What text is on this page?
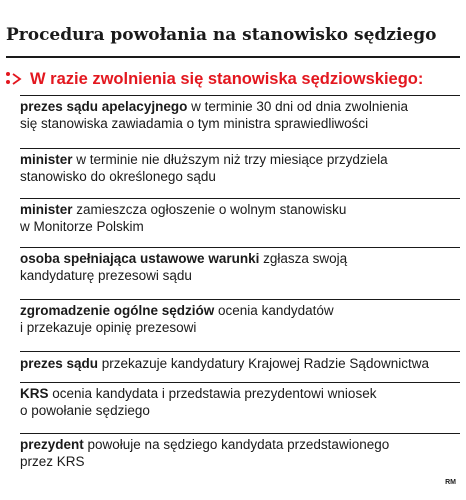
Procedura powołania na stanowisko sędziego
W razie zwolnienia się stanowiska sędziowskiego:
prezes sądu apelacyjnego w terminie 30 dni od dnia zwolnienia
się stanowiska zawiadamia o tym ministra sprawiedliwości
minister w terminie nie dłuższym niż trzy miesiące przydziela
stanowisko do określonego sądu
minister zamieszcza ogłoszenie o wolnym stanowisku
w Monitorze Polskim
osoba spełniająca ustawowe warunki zgłasza swoją
kandydaturę prezesowi sądu
zgromadzenie ogólne sędziów ocenia kandydatów
i przekazuje opinię prezesowi
prezes sądu przekazuje kandydatury Krajowej Radzie Sądownictwa
KRS ocenia kandydata i przedstawia prezydentowi wniosek
o powołanie sędziego
prezydent powołuje na sędziego kandydata przedstawionego
przez KRS
RM
